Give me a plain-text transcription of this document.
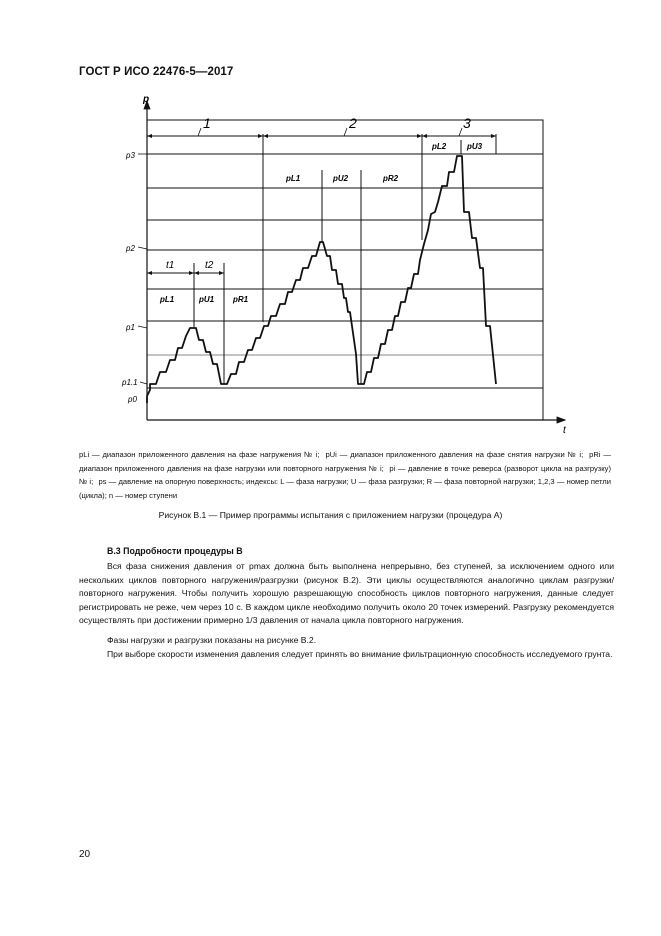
ГОСТ Р ИСО 22476-5—2017
p
t
1	2	3
t1	t2
p3
p2
p1
p1.1
p0
pL1	pU1 pR1
pL1	pU2	pR2
pL2	pU3
pLi — диапазон приложенного давления на фазе нагружения № i; pUi — диапазон приложенного давления на фазе снятия нагрузки № i; pRi — диапазон приложенного давления на фазе нагрузки или повторного нагружения № i; pi — давление в точке реверса (разворот цикла на разгрузку) № i; ps — давление на опорную поверхность; индексы: L — фаза нагрузки; U — фаза разгрузки; R — фаза повторной нагрузки; 1,2,3 — номер петли (цикла); n — номер ступени
Рисунок В.1 — Пример программы испытания с приложением нагрузки (процедура А)
В.3 Подробности процедуры В
Вся фаза снижения давления от pmax должна быть выполнена непрерывно, без ступеней, за исключением одного или нескольких циклов повторного нагружения/разгрузки (рисунок В.2). Эти циклы осуществляются аналогично циклам разгрузки/повторного нагружения. Чтобы получить хорошую разрешающую способность циклов повторного нагружения, данные следует регистрировать не реже, чем через 10 с. В каждом цикле необходимо получить около 20 точек измерений. Разгрузку рекомендуется осуществлять при достижении примерно 1/3 давления от начала цикла повторного нагружения.
Фазы нагрузки и разгрузки показаны на рисунке В.2.
При выборе скорости изменения давления следует принять во внимание фильтрационную способность исследуемого грунта.
20
